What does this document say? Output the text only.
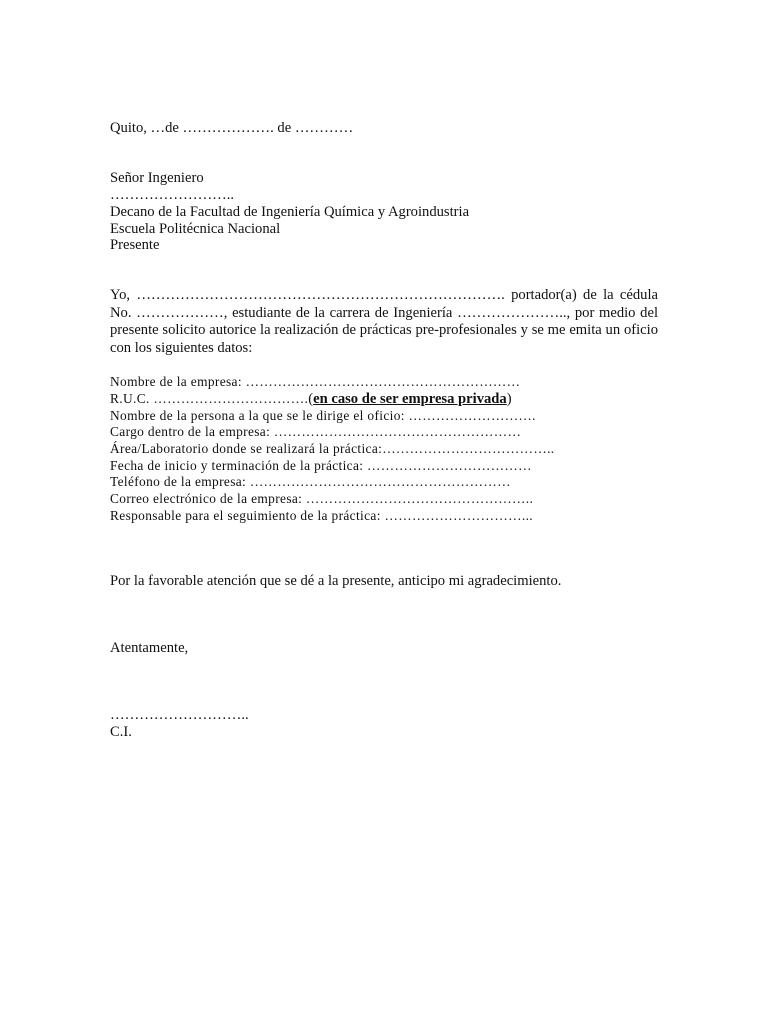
Quito, …de ………………. de …………
Señor Ingeniero
……………………..
Decano de la Facultad de Ingeniería Química y Agroindustria
Escuela Politécnica Nacional
Presente
Yo, …………………………………………………………………. portador(a) de la cédula No. ………………, estudiante de la carrera de Ingeniería ………………….., por medio del presente solicito autorice la realización de prácticas pre-profesionales y se me emita un oficio con los siguientes datos:
Nombre de la empresa: ……………………………………………………
R.U.C. …………………………….(en caso de ser empresa privada)
Nombre de la persona a la que se le dirige el oficio: ……………………….
Cargo dentro de la empresa: ………………………………………………
Área/Laboratorio donde se realizará la práctica:………………………………..
Fecha de inicio y terminación de la práctica: ………………………………
Teléfono de la empresa: …………………………………………………
Correo electrónico de la empresa: …………………………………………..
Responsable para el seguimiento de la práctica: …………………………...
Por la favorable atención que se dé a la presente, anticipo mi agradecimiento.
Atentamente,
………………………..
C.I.
